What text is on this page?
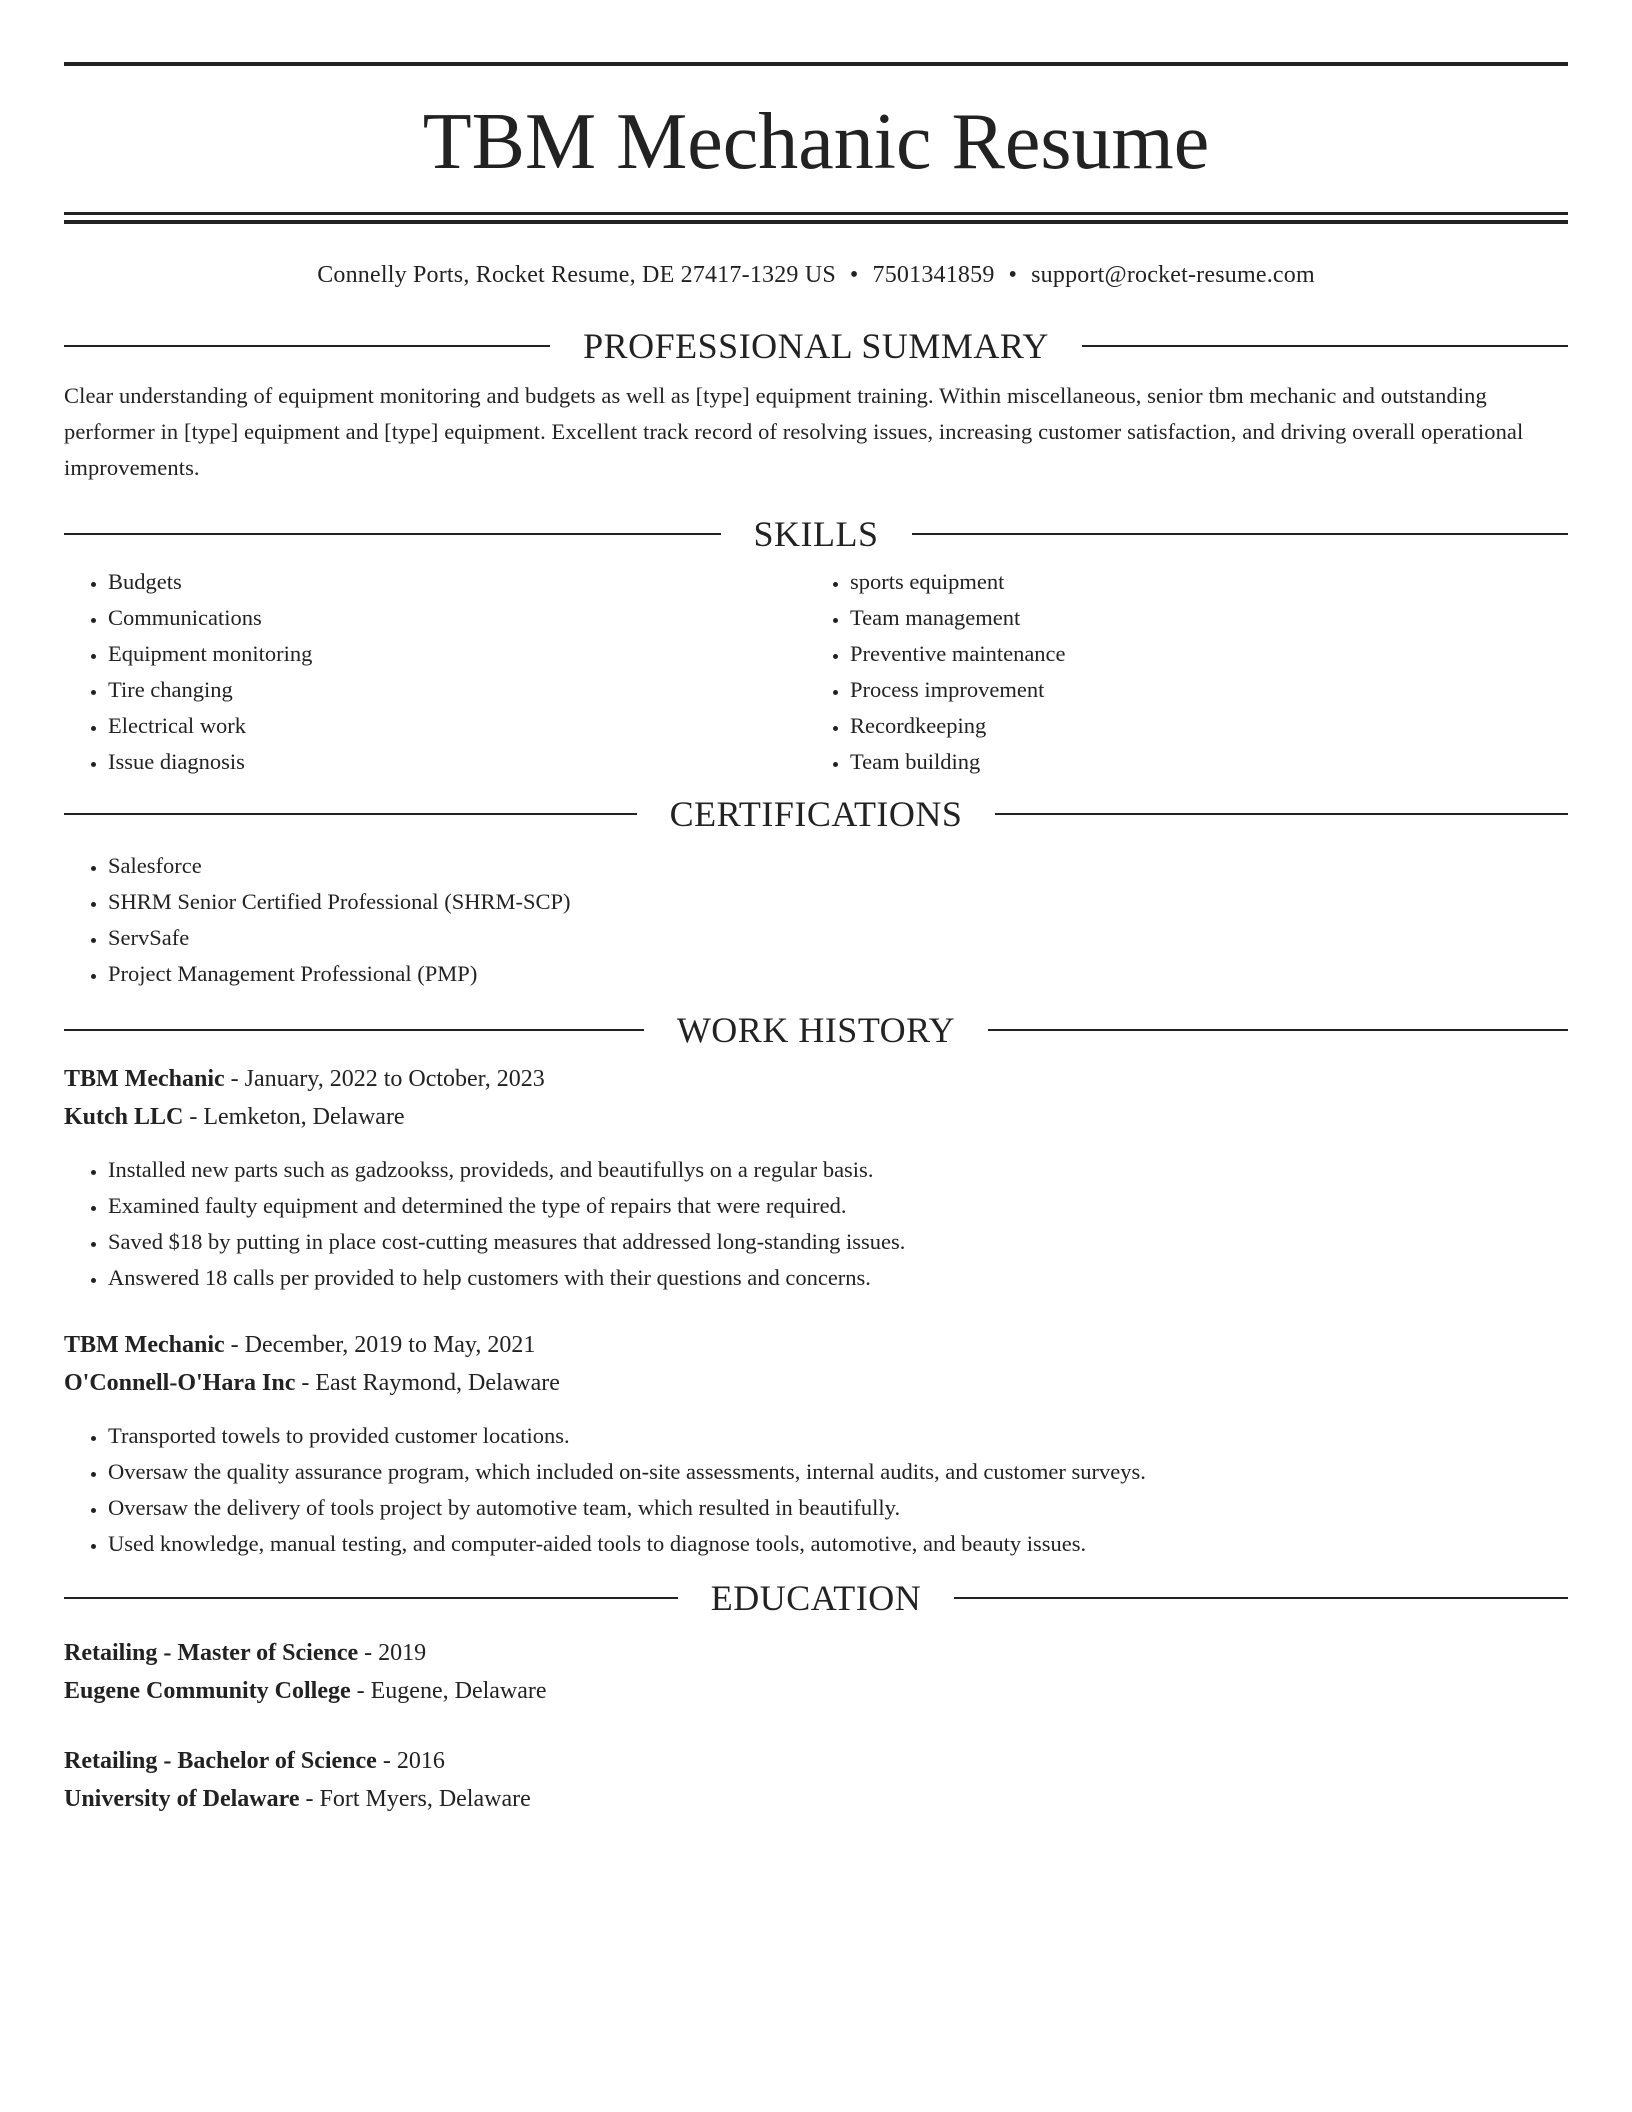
TBM Mechanic Resume
Connelly Ports, Rocket Resume, DE 27417-1329 US • 7501341859 • support@rocket-resume.com
PROFESSIONAL SUMMARY
Clear understanding of equipment monitoring and budgets as well as [type] equipment training. Within miscellaneous, senior tbm mechanic and outstanding performer in [type] equipment and [type] equipment. Excellent track record of resolving issues, increasing customer satisfaction, and driving overall operational improvements.
SKILLS
• Budgets
• Communications
• Equipment monitoring
• Tire changing
• Electrical work
• Issue diagnosis
• sports equipment
• Team management
• Preventive maintenance
• Process improvement
• Recordkeeping
• Team building
CERTIFICATIONS
• Salesforce
• SHRM Senior Certified Professional (SHRM-SCP)
• ServSafe
• Project Management Professional (PMP)
WORK HISTORY
TBM Mechanic - January, 2022 to October, 2023
Kutch LLC - Lemketon, Delaware
• Installed new parts such as gadzookss, provideds, and beautifullys on a regular basis.
• Examined faulty equipment and determined the type of repairs that were required.
• Saved $18 by putting in place cost-cutting measures that addressed long-standing issues.
• Answered 18 calls per provided to help customers with their questions and concerns.
TBM Mechanic - December, 2019 to May, 2021
O'Connell-O'Hara Inc - East Raymond, Delaware
• Transported towels to provided customer locations.
• Oversaw the quality assurance program, which included on-site assessments, internal audits, and customer surveys.
• Oversaw the delivery of tools project by automotive team, which resulted in beautifully.
• Used knowledge, manual testing, and computer-aided tools to diagnose tools, automotive, and beauty issues.
EDUCATION
Retailing - Master of Science - 2019
Eugene Community College - Eugene, Delaware
Retailing - Bachelor of Science - 2016
University of Delaware - Fort Myers, Delaware
